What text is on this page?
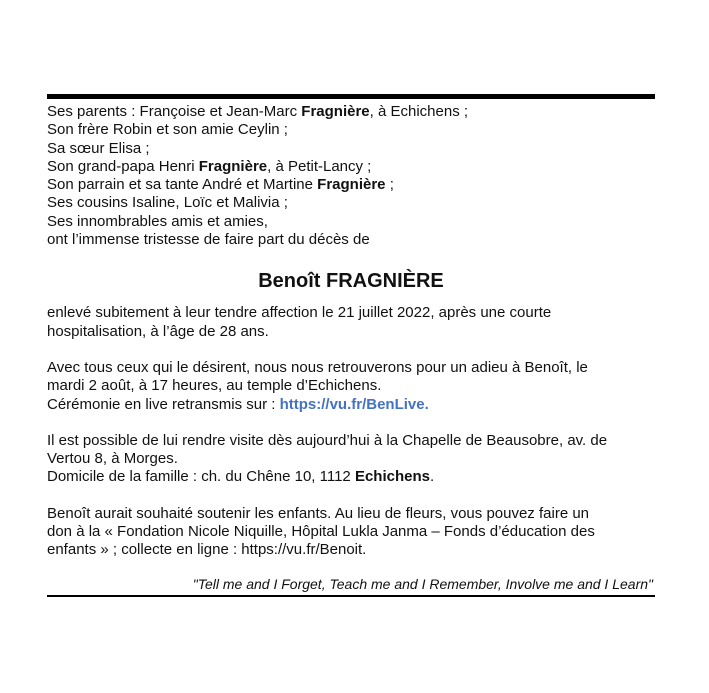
Ses parents : Françoise et Jean-Marc Fragnière, à Echichens ;
Son frère Robin et son amie Ceylin ;
Sa sœur Elisa ;
Son grand-papa Henri Fragnière, à Petit-Lancy ;
Son parrain et sa tante André et Martine Fragnière ;
Ses cousins Isaline, Loïc et Malivia ;
Ses innombrables amis et amies,
ont l’immense tristesse de faire part du décès de
Benoît FRAGNIÈRE
enlevé subitement à leur tendre affection le 21 juillet 2022, après une courte
hospitalisation, à l’âge de 28 ans.
Avec tous ceux qui le désirent, nous nous retrouverons pour un adieu à Benoît, le
mardi 2 août, à 17 heures, au temple d’Echichens.
Cérémonie en live retransmis sur : https://vu.fr/BenLive.
Il est possible de lui rendre visite dès aujourd’hui à la Chapelle de Beausobre, av. de
Vertou 8, à Morges.
Domicile de la famille : ch. du Chêne 10, 1112 Echichens.
Benoît aurait souhaité soutenir les enfants. Au lieu de fleurs, vous pouvez faire un
don à la « Fondation Nicole Niquille, Hôpital Lukla Janma – Fonds d’éducation des
enfants » ; collecte en ligne : https://vu.fr/Benoit.
"Tell me and I Forget, Teach me and I Remember, Involve me and I Learn"
